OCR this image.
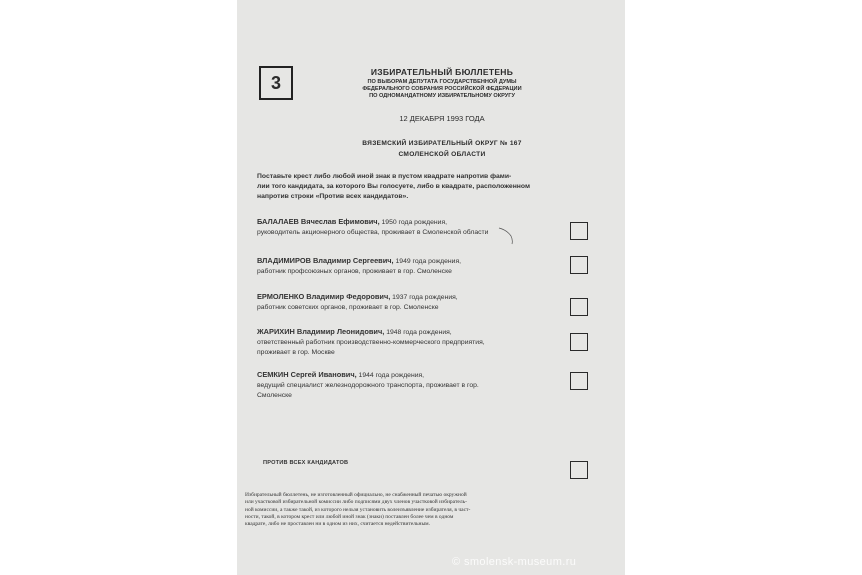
3
ИЗБИРАТЕЛЬНЫЙ БЮЛЛЕТЕНЬ
ПО ВЫБОРАМ ДЕПУТАТА ГОСУДАРСТВЕННОЙ ДУМЫ
ФЕДЕРАЛЬНОГО СОБРАНИЯ РОССИЙСКОЙ ФЕДЕРАЦИИ
ПО ОДНОМАНДАТНОМУ ИЗБИРАТЕЛЬНОМУ ОКРУГУ
12 ДЕКАБРЯ 1993 ГОДА
ВЯЗЕМСКИЙ ИЗБИРАТЕЛЬНЫЙ ОКРУГ № 167
СМОЛЕНСКОЙ ОБЛАСТИ
Поставьте крест либо любой иной знак в пустом квадрате напротив фами-
лии того кандидата, за которого Вы голосуете, либо в квадрате, расположенном
напротив строки «Против всех кандидатов».
БАЛАЛАЕВ Вячеслав Ефимович, 1950 года рождения,
руководитель акционерного общества, проживает в Смоленской области
ВЛАДИМИРОВ Владимир Сергеевич, 1949 года рождения,
работник профсоюзных органов, проживает в гор. Смоленске
ЕРМОЛЕНКО Владимир Федорович, 1937 года рождения,
работник советских органов, проживает в гор. Смоленске
ЖАРИХИН Владимир Леонидович, 1948 года рождения,
ответственный работник производственно-коммерческого предприятия,
проживает в гор. Москве
СЕМКИН Сергей Иванович, 1944 года рождения,
ведущий специалист железнодорожного транспорта, проживает в гор.
Смоленске
ПРОТИВ ВСЕХ КАНДИДАТОВ
Избирательный бюллетень, не изготовленный официально, не снабженный печатью окружной
или участковой избирательной комиссии либо подписями двух членов участковой избиратель-
ной комиссии, а также такой, из которого нельзя установить волеизъявление избирателя, в част-
ности, такой, в котором крест или любой иной знак (знаки) поставлен более чем в одном
квадрате, либо не проставлен ни в одном из них, считается недействительным.
© smolensk-museum.ru
